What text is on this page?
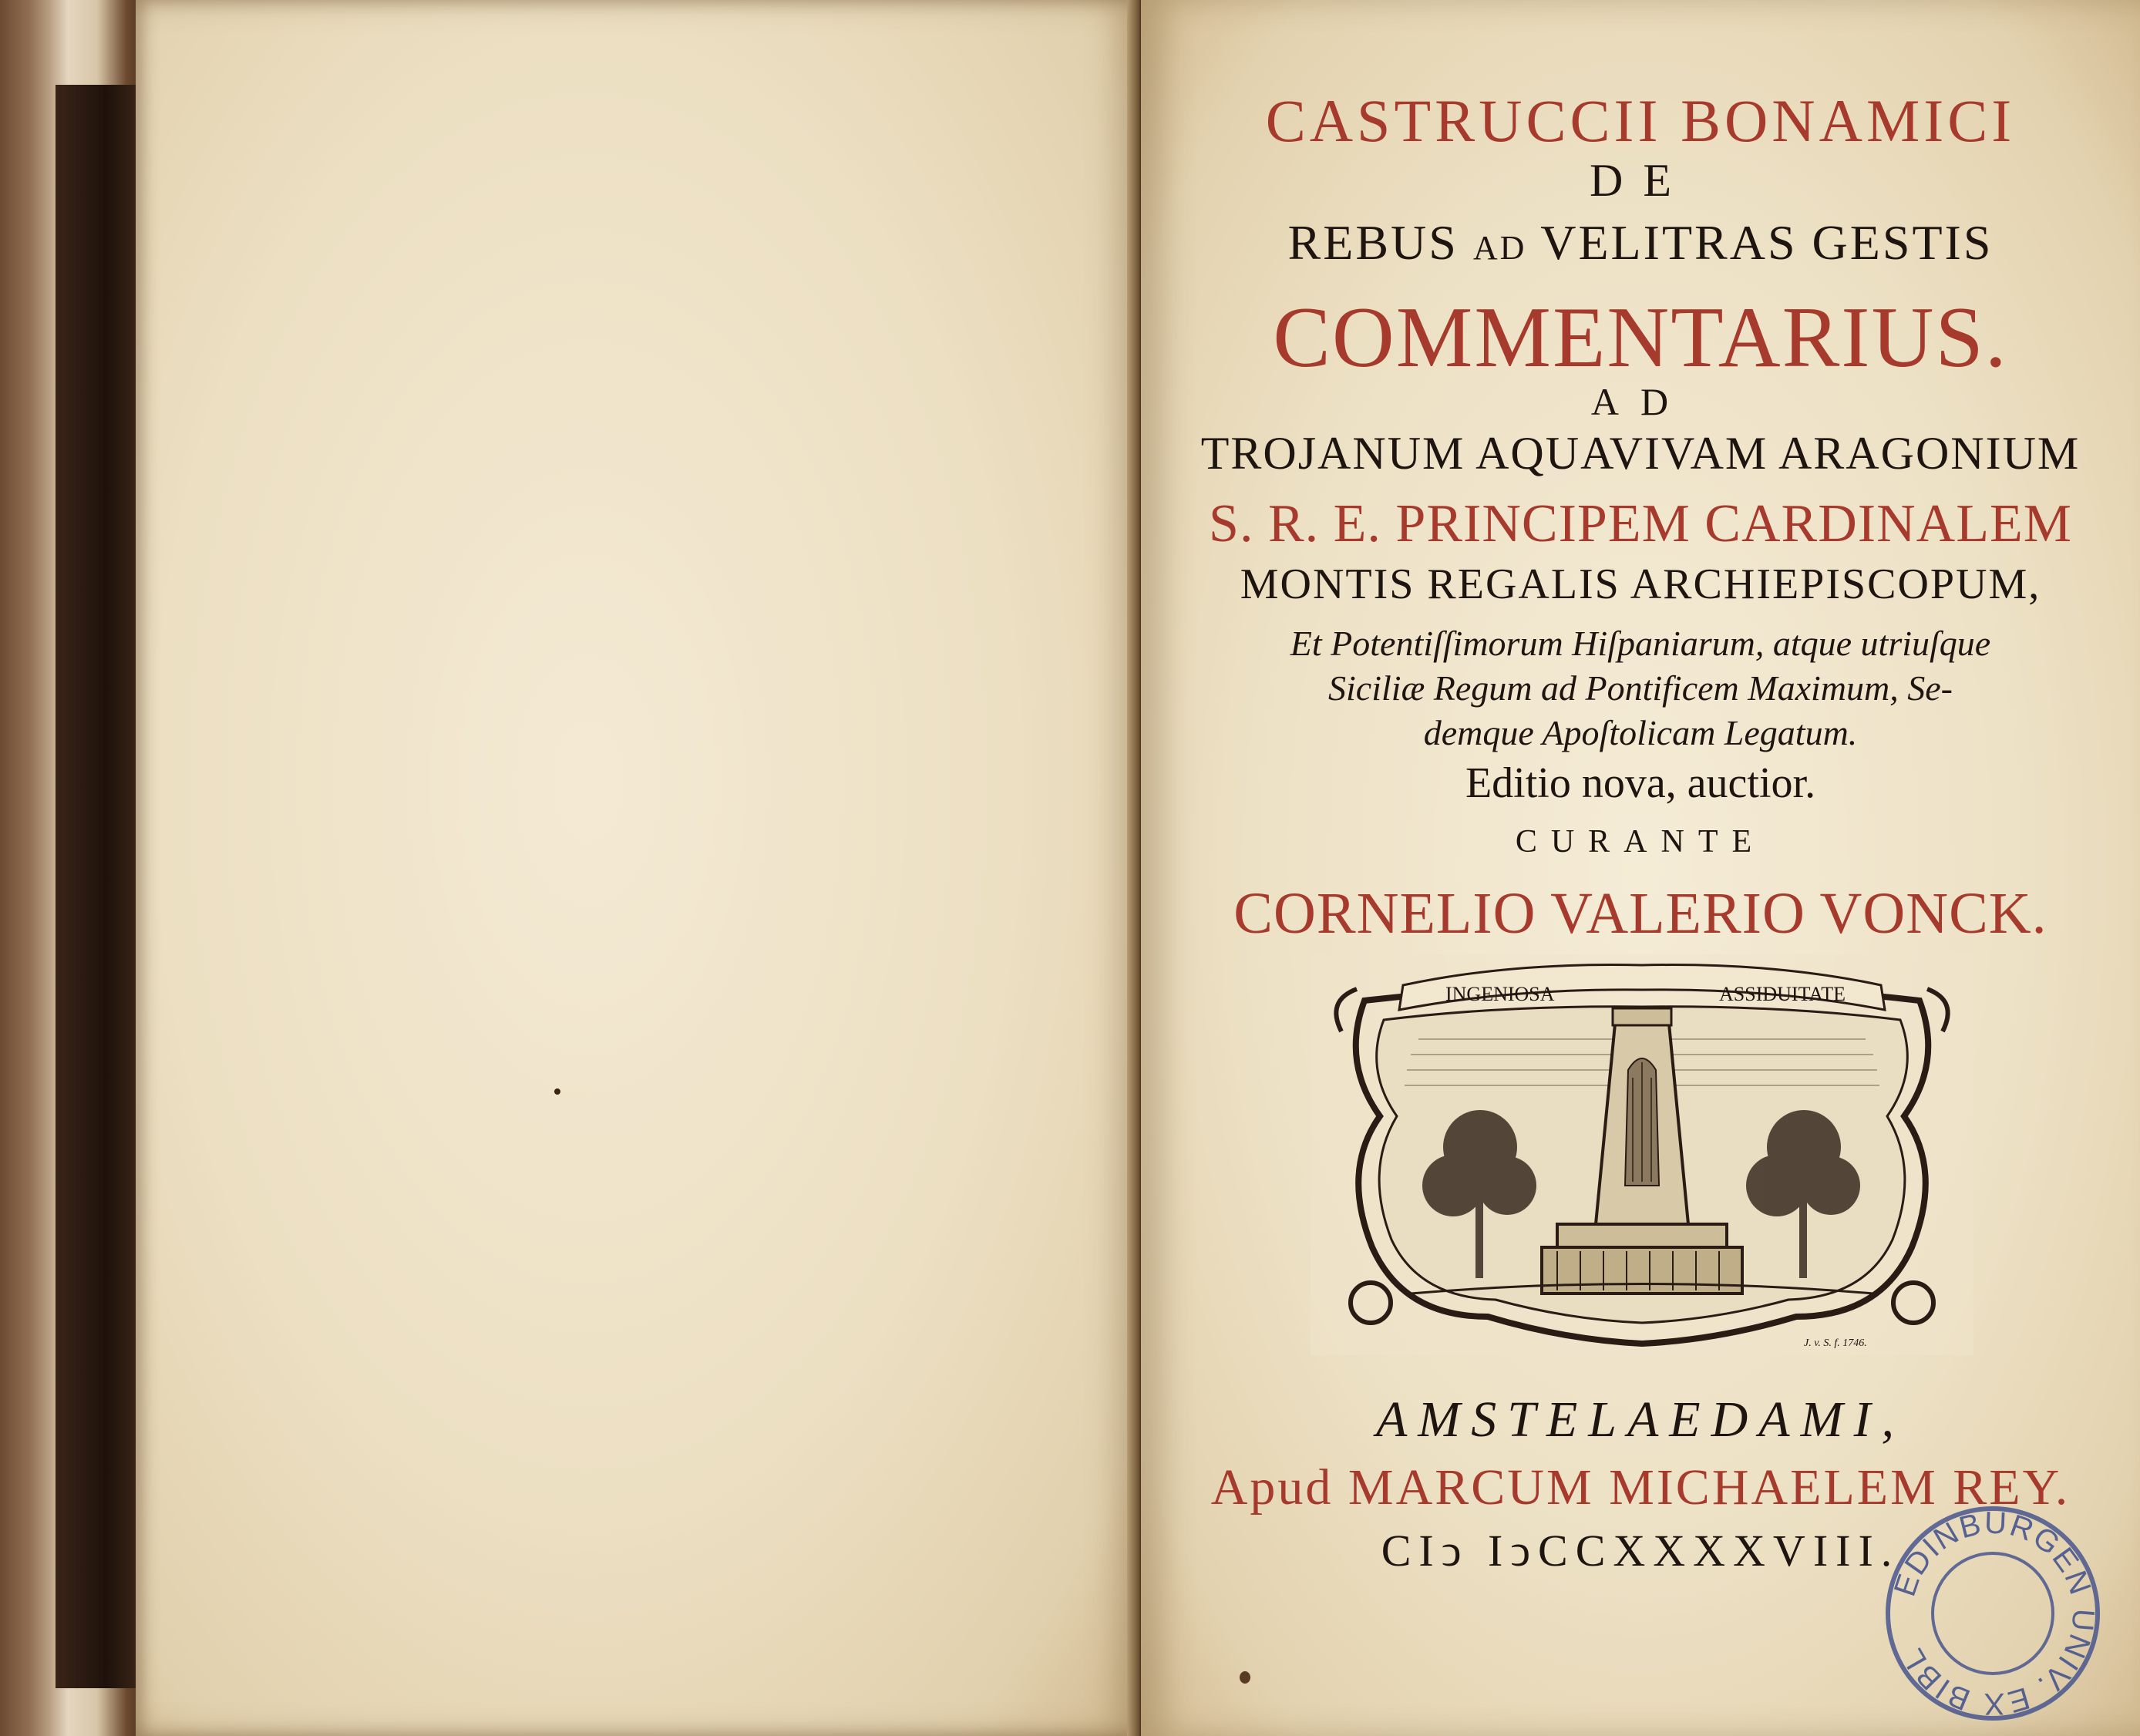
CASTRUCCII BONAMICI
DE
REBUS AD VELITRAS GESTIS
COMMENTARIUS.
AD
TROJANUM AQUAVIVAM ARAGONIUM
S. R. E. PRINCIPEM CARDINALEM
MONTIS REGALIS ARCHIEPISCOPUM,
Et Potentiſſimorum Hiſpaniarum, atque utriuſque
Siciliæ Regum ad Pontificem Maximum, Se-
demque Apoſtolicam Legatum.
Editio nova, auctior.
CURANTE
CORNELIO VALERIO VONCK.
INGENIOSA	ASSIDUITATE
J. v. S. f. 1746.
AMSTELAEDAMI,
Apud MARCUM MICHAELEM REY.
CIↄ IↄCCXXXXVIII.
EDINBURGEN UNIV. EX BIBL
